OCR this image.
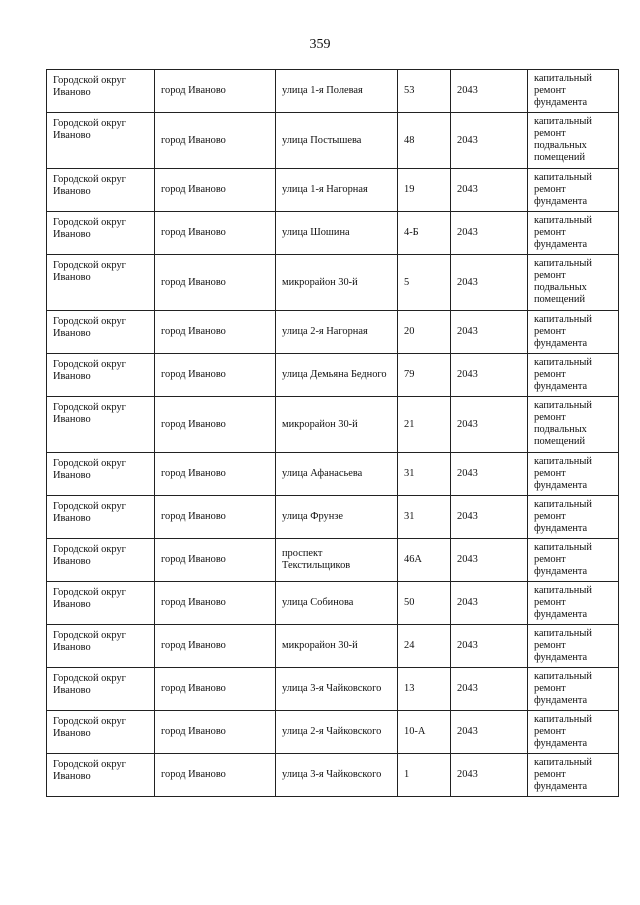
359
Городской округ Иваново	город Иваново	улица 1-я Полевая	53	2043	капитальный ремонт фундамента
Городской округ Иваново	город Иваново	улица Постышева	48	2043	капитальный ремонт подвальных помещений
Городской округ Иваново	город Иваново	улица 1-я Нагорная	19	2043	капитальный ремонт фундамента
Городской округ Иваново	город Иваново	улица Шошина	4-Б	2043	капитальный ремонт фундамента
Городской округ Иваново	город Иваново	микрорайон 30-й	5	2043	капитальный ремонт подвальных помещений
Городской округ Иваново	город Иваново	улица 2-я Нагорная	20	2043	капитальный ремонт фундамента
Городской округ Иваново	город Иваново	улица Демьяна Бедного	79	2043	капитальный ремонт фундамента
Городской округ Иваново	город Иваново	микрорайон 30-й	21	2043	капитальный ремонт подвальных помещений
Городской округ Иваново	город Иваново	улица Афанасьева	31	2043	капитальный ремонт фундамента
Городской округ Иваново	город Иваново	улица Фрунзе	31	2043	капитальный ремонт фундамента
Городской округ Иваново	город Иваново	проспект Текстильщиков	46А	2043	капитальный ремонт фундамента
Городской округ Иваново	город Иваново	улица Собинова	50	2043	капитальный ремонт фундамента
Городской округ Иваново	город Иваново	микрорайон 30-й	24	2043	капитальный ремонт фундамента
Городской округ Иваново	город Иваново	улица 3-я Чайковского	13	2043	капитальный ремонт фундамента
Городской округ Иваново	город Иваново	улица 2-я Чайковского	10-А	2043	капитальный ремонт фундамента
Городской округ Иваново	город Иваново	улица 3-я Чайковского	1	2043	капитальный ремонт фундамента
